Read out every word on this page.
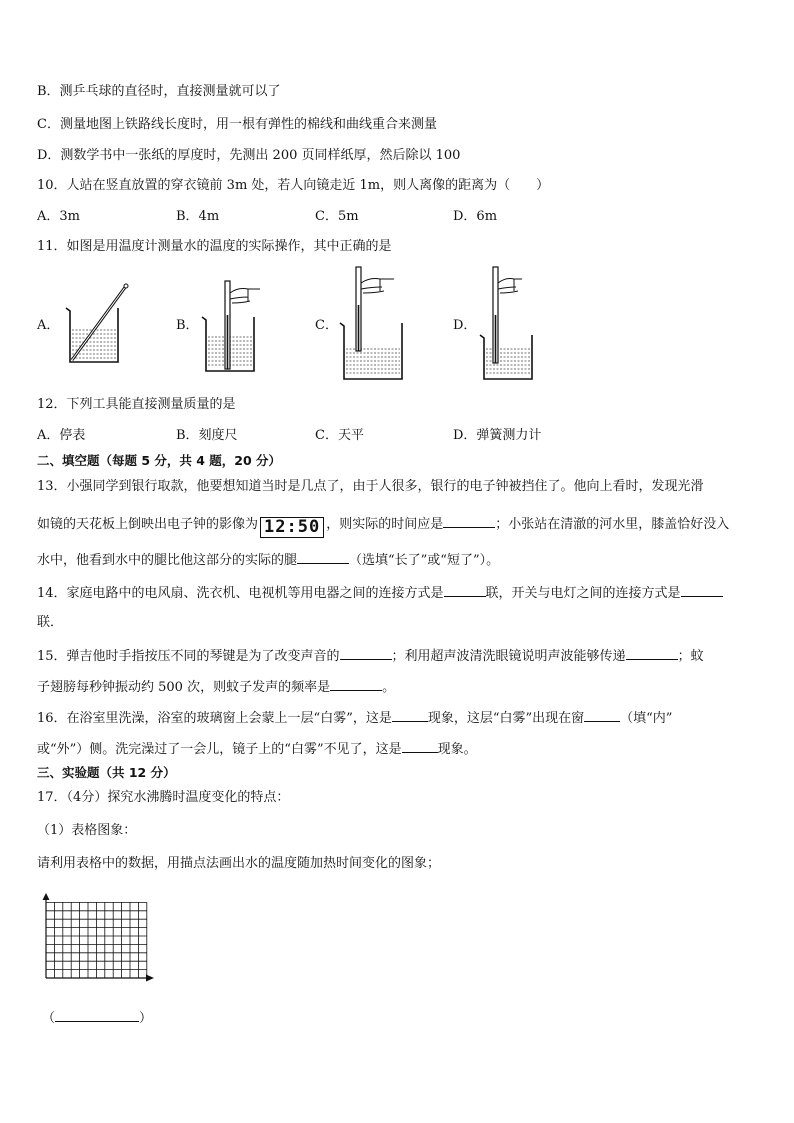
B．测乒乓球的直径时，直接测量就可以了
C．测量地图上铁路线长度时，用一根有弹性的棉线和曲线重合来测量
D．测数学书中一张纸的厚度时，先测出 200 页同样纸厚，然后除以 100
10．人站在竖直放置的穿衣镜前 3m 处，若人向镜走近 1m，则人离像的距离为（　　）
A．3m	B．4m	C．5m	D．6m
11．如图是用温度计测量水的温度的实际操作，其中正确的是
A．	B．	C．	D．
12．下列工具能直接测量质量的是
A．停表	B．刻度尺	C．天平	D．弹簧测力计
二、填空题（每题 5 分，共 4 题，20 分）
13．小强同学到银行取款，他要想知道当时是几点了，由于人很多，银行的电子钟被挡住了。他向上看时，发现光滑
如镜的天花板上倒映出电子钟的影像为 12:50 ，则实际的时间应是	；小张站在清澈的河水里，膝盖恰好没入
水中，他看到水中的腿比他这部分的实际的腿	（选填“长了”或“短了”）。
14．家庭电路中的电风扇、洗衣机、电视机等用电器之间的连接方式是	联，开关与电灯之间的连接方式是
联．
15．弹吉他时手指按压不同的琴键是为了改变声音的	；利用超声波清洗眼镜说明声波能够传递	；蚊
子翅膀每秒钟振动约 500 次，则蚊子发声的频率是	。
16．在浴室里洗澡，浴室的玻璃窗上会蒙上一层“白雾”，这是	现象，这层“白雾”出现在窗	（填“内”
或“外”）侧。洗完澡过了一会儿，镜子上的“白雾”不见了，这是	现象。
三、实验题（共 12 分）
17．（4分）探究水沸腾时温度变化的特点：
（1）表格图象：
请利用表格中的数据，用描点法画出水的温度随加热时间变化的图象；
（	）
